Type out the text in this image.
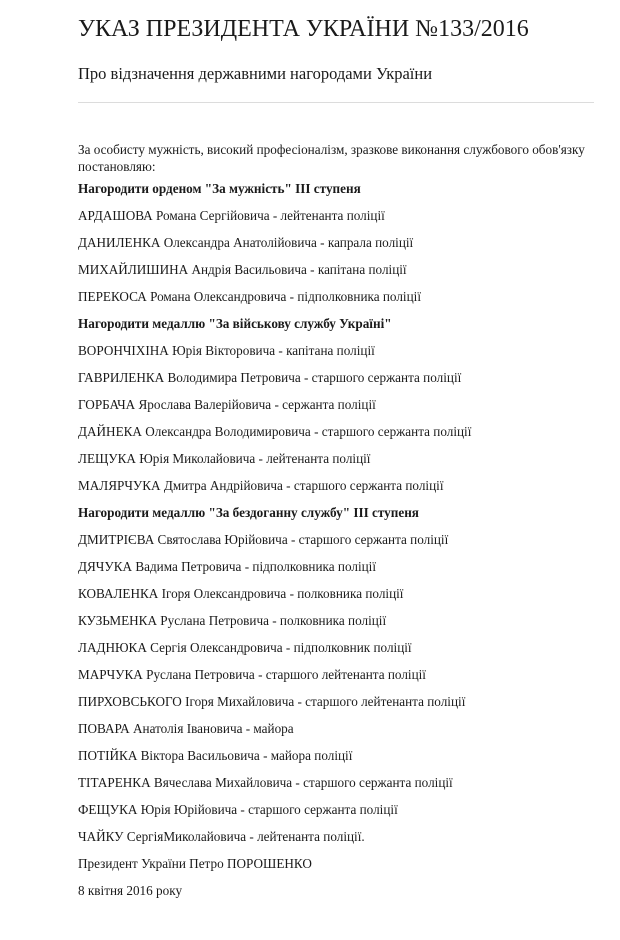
УКАЗ ПРЕЗИДЕНТА УКРАЇНИ №133/2016

Про відзначення державними нагородами України

За особисту мужність, високий професіоналізм, зразкове виконання службового обов'язку постановляю:

Нагородити орденом "За мужність" ІІІ ступеня

АРДАШОВА Романа Сергійовича - лейтенанта поліції

ДАНИЛЕНКА Олександра Анатолійовича - капрала поліції

МИХАЙЛИШИНА Андрія Васильовича - капітана поліції

ПЕРЕКОСА Романа Олександровича - підполковника поліції

Нагородити медаллю "За військову службу Україні"

ВОРОНЧІХІНА Юрія Вікторовича - капітана поліції

ГАВРИЛЕНКА Володимира Петровича - старшого сержанта поліції

ГОРБАЧА Ярослава Валерійовича - сержанта поліції

ДАЙНЕКА Олександра Володимировича - старшого сержанта поліції

ЛЕЩУКА Юрія Миколайовича - лейтенанта поліції

МАЛЯРЧУКА Дмитра Андрійовича - старшого сержанта поліції

Нагородити медаллю "За бездоганну службу" ІІІ ступеня

ДМИТРІЄВА Святослава Юрійовича - старшого сержанта поліції

ДЯЧУКА Вадима Петровича - підполковника поліції

КОВАЛЕНКА Ігоря Олександровича - полковника поліції

КУЗЬМЕНКА Руслана Петровича - полковника поліції

ЛАДНЮКА Сергія Олександровича - підполковник поліції

МАРЧУКА Руслана Петровича - старшого лейтенанта поліції

ПИРХОВСЬКОГО Ігоря Михайловича - старшого лейтенанта поліції

ПОВАРА Анатолія Івановича - майора

ПОТІЙКА Віктора Васильовича - майора поліції

ТІТАРЕНКА Вячеслава Михайловича - старшого сержанта поліції

ФЕЩУКА Юрія Юрійовича - старшого сержанта поліції

ЧАЙКУ СергіяМиколайовича - лейтенанта поліції.

Президент України Петро ПОРОШЕНКО

8 квітня 2016 року
